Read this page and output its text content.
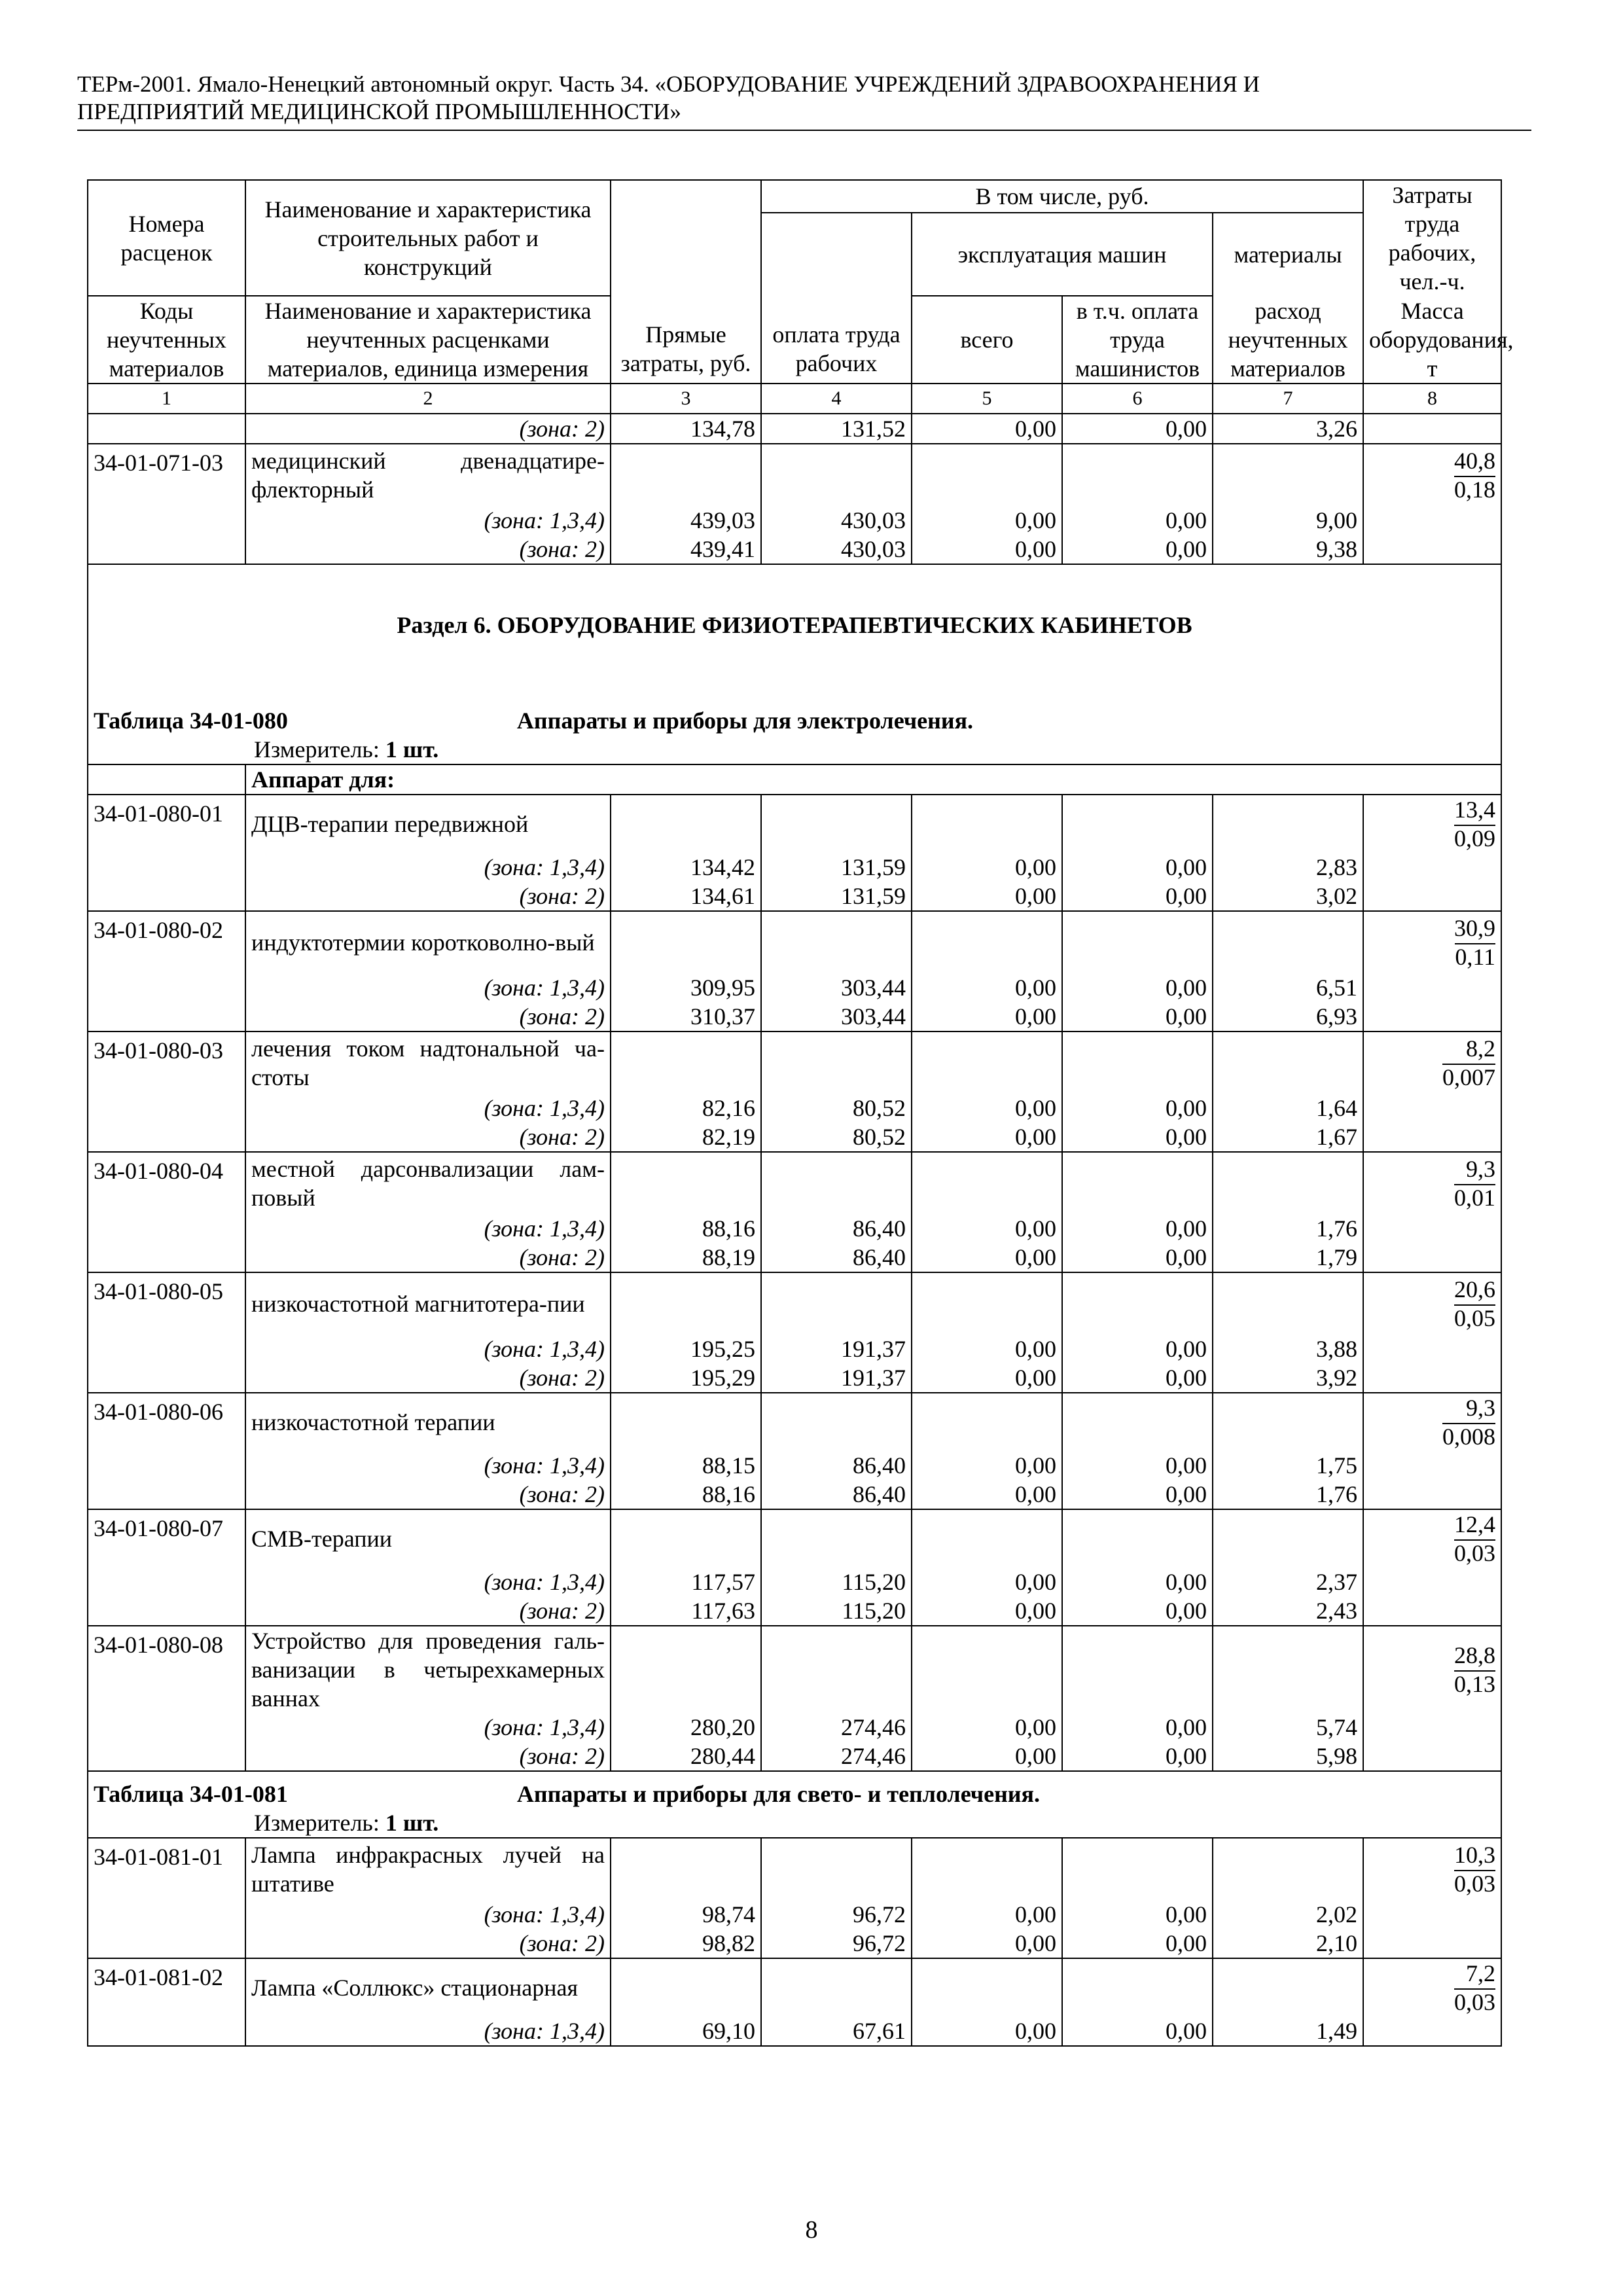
ТЕРм-2001. Ямало-Ненецкий автономный округ. Часть 34. «ОБОРУДОВАНИЕ УЧРЕЖДЕНИЙ ЗДРАВООХРАНЕНИЯ И
ПРЕДПРИЯТИЙ МЕДИЦИНСКОЙ ПРОМЫШЛЕННОСТИ»
Номера расценок	Наименование и характеристика строительных работ и конструкций	Прямые затраты, руб.	В том числе, руб.				Затраты труда рабочих, чел.-ч.
			оплата труда рабочих	эксплуатация машин		материалы	
Коды неучтенных материалов	Наименование и характеристика неучтенных расценками материалов, единица измерения			всего	в т.ч. оплата труда машинистов	расход неучтенных материалов	Масса оборудования, т
1	2	3	4	5	6	7	8
	(зона: 2)	134,78	131,52	0,00	0,00	3,26	
34-01-071-03	медицинский двенадцатире-флекторный						40,8
0,18
	(зона: 1,3,4)	439,03	430,03	0,00	0,00	9,00	
	(зона: 2)	439,41	430,03	0,00	0,00	9,38	
Раздел 6. ОБОРУДОВАНИЕ ФИЗИОТЕРАПЕВТИЧЕСКИХ КАБИНЕТОВ							
Таблица 34-01-080 Аппараты и приборы для электролечения.							
Измеритель: 1 шт.							
	Аппарат для:						
34-01-080-01	ДЦВ-терапии передвижной						13,4
0,09
	(зона: 1,3,4)	134,42	131,59	0,00	0,00	2,83	
	(зона: 2)	134,61	131,59	0,00	0,00	3,02	
34-01-080-02	индуктотермии коротковолно-вый						30,9
0,11
	(зона: 1,3,4)	309,95	303,44	0,00	0,00	6,51	
	(зона: 2)	310,37	303,44	0,00	0,00	6,93	
34-01-080-03	лечения током надтональной ча-стоты						8,2
0,007
	(зона: 1,3,4)	82,16	80,52	0,00	0,00	1,64	
	(зона: 2)	82,19	80,52	0,00	0,00	1,67	
34-01-080-04	местной дарсонвализации лам-повый						9,3
0,01
	(зона: 1,3,4)	88,16	86,40	0,00	0,00	1,76	
	(зона: 2)	88,19	86,40	0,00	0,00	1,79	
34-01-080-05	низкочастотной магнитотера-пии						20,6
0,05
	(зона: 1,3,4)	195,25	191,37	0,00	0,00	3,88	
	(зона: 2)	195,29	191,37	0,00	0,00	3,92	
34-01-080-06	низкочастотной терапии						9,3
0,008
	(зона: 1,3,4)	88,15	86,40	0,00	0,00	1,75	
	(зона: 2)	88,16	86,40	0,00	0,00	1,76	
34-01-080-07	СМВ-терапии						12,4
0,03
	(зона: 1,3,4)	117,57	115,20	0,00	0,00	2,37	
	(зона: 2)	117,63	115,20	0,00	0,00	2,43	
34-01-080-08	Устройство для проведения галь-ванизации в четырехкамерных ваннах						28,8
0,13
	(зона: 1,3,4)	280,20	274,46	0,00	0,00	5,74	
	(зона: 2)	280,44	274,46	0,00	0,00	5,98	
Таблица 34-01-081 Аппараты и приборы для свето- и теплолечения.							
Измеритель: 1 шт.							
34-01-081-01	Лампа инфракрасных лучей на штативе						10,3
0,03
	(зона: 1,3,4)	98,74	96,72	0,00	0,00	2,02	
	(зона: 2)	98,82	96,72	0,00	0,00	2,10	
34-01-081-02	Лампа «Соллюкс» стационарная						7,2
0,03
	(зона: 1,3,4)	69,10	67,61	0,00	0,00	1,49	
8
